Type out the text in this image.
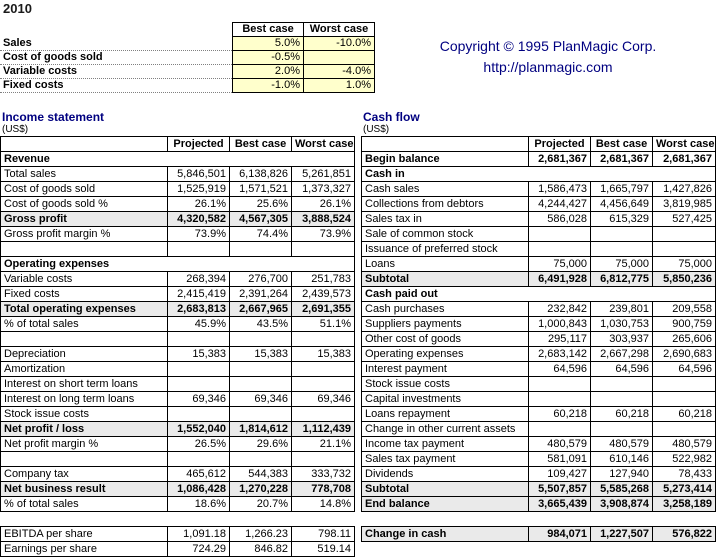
2010
	Best case	Worst case
Sales	5.0%	-10.0%
Cost of goods sold	-0.5%	
Variable costs	2.0%	-4.0%
Fixed costs	-1.0%	1.0%
Copyright © 1995 PlanMagic Corp.
http://planmagic.com
Income statement
(US$)
	Projected	Best case	Worst case
Revenue			
Total sales	5,846,501	6,138,826	5,261,851
Cost of goods sold	1,525,919	1,571,521	1,373,327
Cost of goods sold %	26.1%	25.6%	26.1%
Gross profit	4,320,582	4,567,305	3,888,524
Gross profit margin %	73.9%	74.4%	73.9%

Operating expenses			
Variable costs	268,394	276,700	251,783
Fixed costs	2,415,419	2,391,264	2,439,573
Total operating expenses	2,683,813	2,667,965	2,691,355
% of total sales	45.9%	43.5%	51.1%

Depreciation	15,383	15,383	15,383
Amortization			
Interest on short term loans			
Interest on long term loans	69,346	69,346	69,346
Stock issue costs			
Net profit / loss	1,552,040	1,814,612	1,112,439
Net profit margin %	26.5%	29.6%	21.1%

Company tax	465,612	544,383	333,732
Net business result	1,086,428	1,270,228	778,708
% of total sales	18.6%	20.7%	14.8%

EBITDA per share	1,091.18	1,266.23	798.11
Earnings per share	724.29	846.82	519.14
Cash flow
(US$)
	Projected	Best case	Worst case
Begin balance	2,681,367	2,681,367	2,681,367
Cash in			
Cash sales	1,586,473	1,665,797	1,427,826
Collections from debtors	4,244,427	4,456,649	3,819,985
Sales tax in	586,028	615,329	527,425
Sale of common stock			
Issuance of preferred stock			
Loans	75,000	75,000	75,000
Subtotal	6,491,928	6,812,775	5,850,236
Cash paid out			
Cash purchases	232,842	239,801	209,558
Suppliers payments	1,000,843	1,030,753	900,759
Other cost of goods	295,117	303,937	265,606
Operating expenses	2,683,142	2,667,298	2,690,683
Interest payment	64,596	64,596	64,596
Stock issue costs			
Capital investments			
Loans repayment	60,218	60,218	60,218
Change in other current assets			
Income tax payment	480,579	480,579	480,579
Sales tax payment	581,091	610,146	522,982
Dividends	109,427	127,940	78,433
Subtotal	5,507,857	5,585,268	5,273,414
End balance	3,665,439	3,908,874	3,258,189

Change in cash	984,071	1,227,507	576,822
